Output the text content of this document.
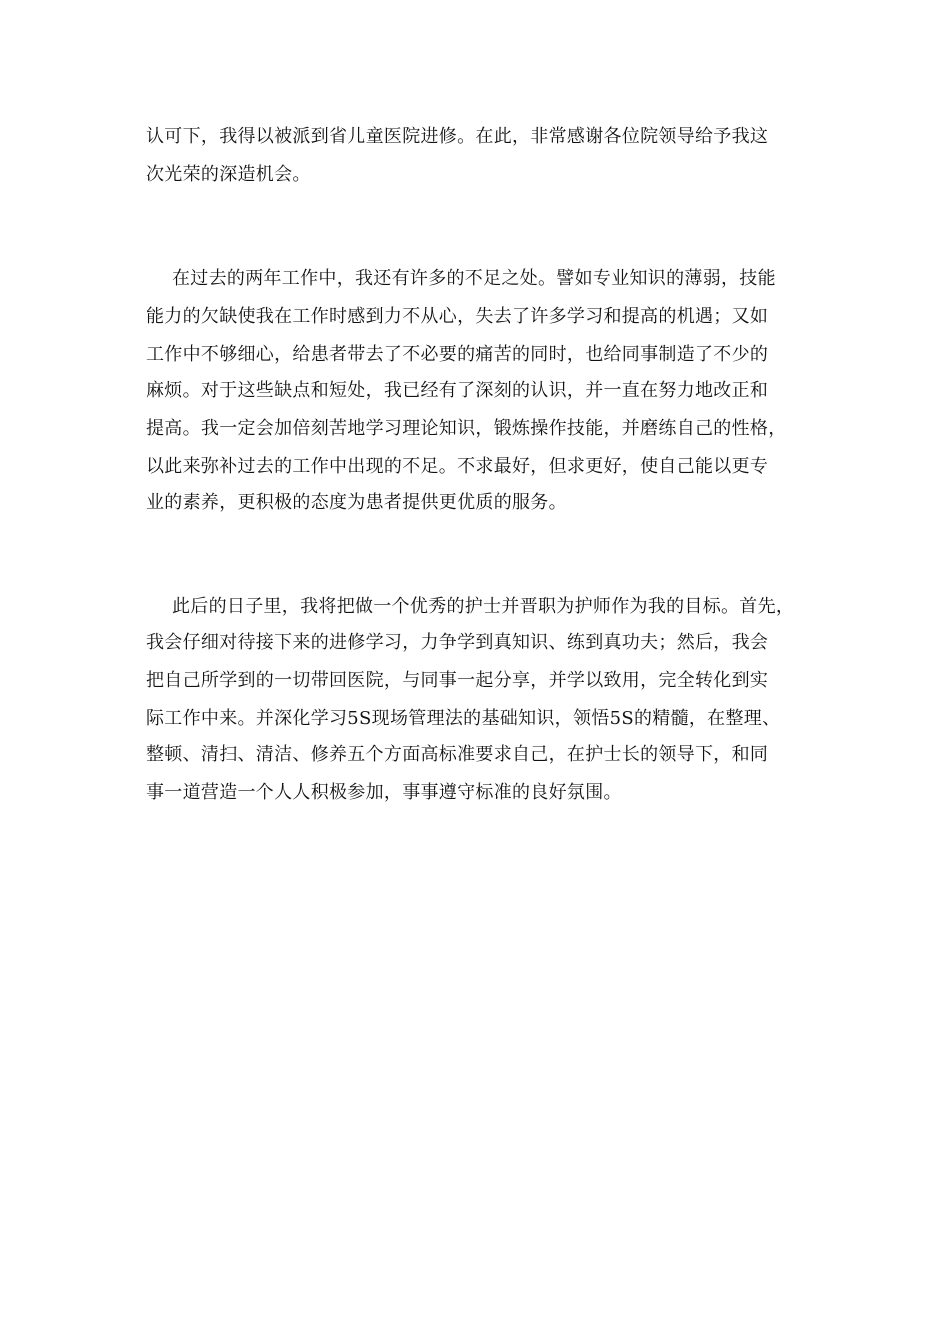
认可下，我得以被派到省儿童医院进修。在此，非常感谢各位院领导给予我这
次光荣的深造机会。
在过去的两年工作中，我还有许多的不足之处。譬如专业知识的薄弱，技能
能力的欠缺使我在工作时感到力不从心，失去了许多学习和提高的机遇；又如
工作中不够细心，给患者带去了不必要的痛苦的同时，也给同事制造了不少的
麻烦。对于这些缺点和短处，我已经有了深刻的认识，并一直在努力地改正和
提高。我一定会加倍刻苦地学习理论知识，锻炼操作技能，并磨练自己的性格，
以此来弥补过去的工作中出现的不足。不求最好，但求更好，使自己能以更专
业的素养，更积极的态度为患者提供更优质的服务。
此后的日子里，我将把做一个优秀的护士并晋职为护师作为我的目标。首先，
我会仔细对待接下来的进修学习，力争学到真知识、练到真功夫；然后，我会
把自己所学到的一切带回医院，与同事一起分享，并学以致用，完全转化到实
际工作中来。并深化学习5S现场管理法的基础知识，领悟5S的精髓，在整理、
整顿、清扫、清洁、修养五个方面高标准要求自己，在护士长的领导下，和同
事一道营造一个人人积极参加，事事遵守标准的良好氛围。
